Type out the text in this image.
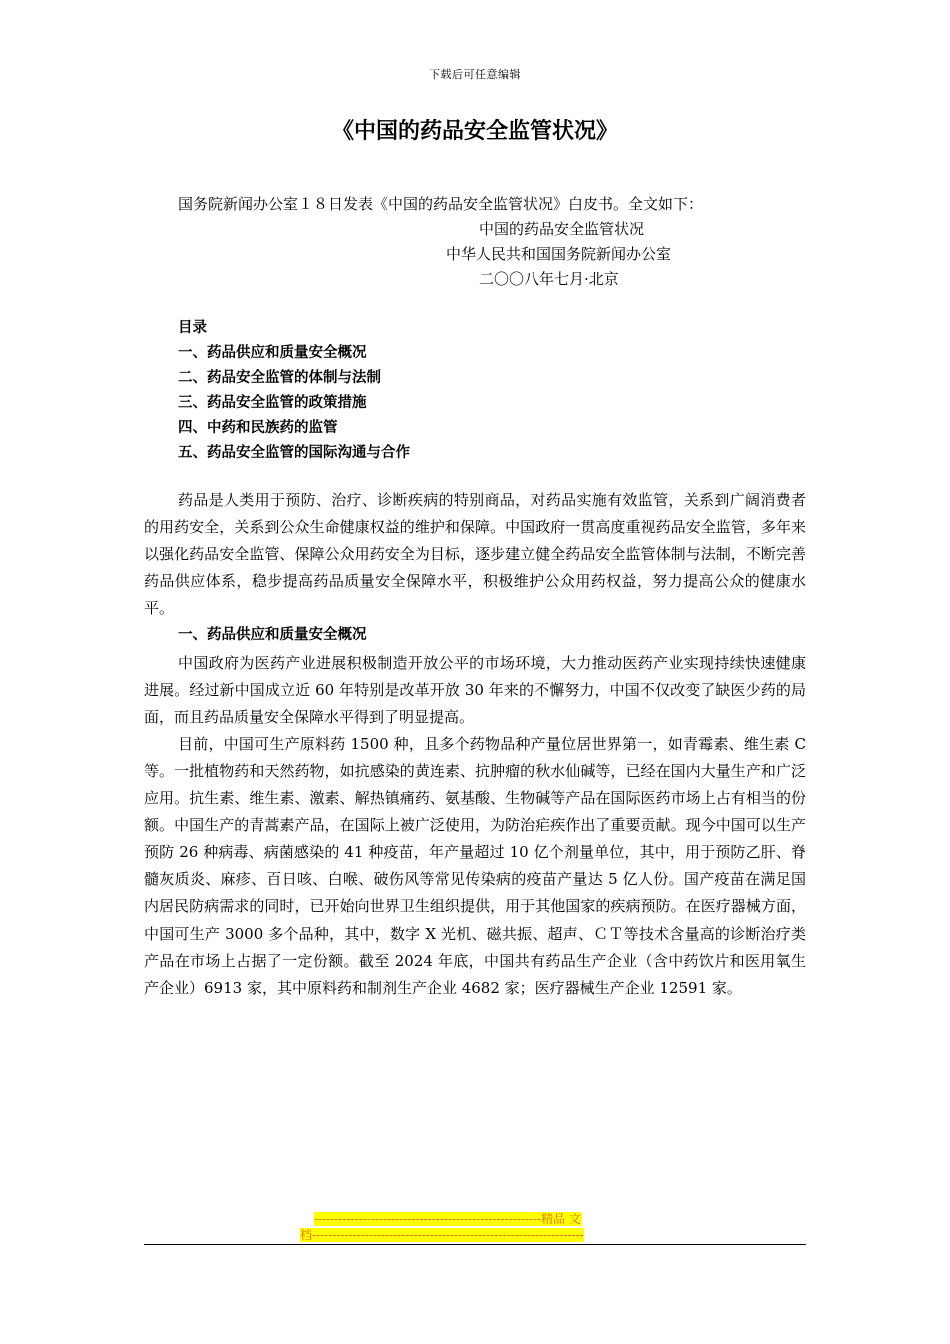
下载后可任意编辑
《中国的药品安全监管状况》
国务院新闻办公室１８日发表《中国的药品安全监管状况》白皮书。全文如下：
中国的药品安全监管状况
中华人民共和国国务院新闻办公室
二〇〇八年七月·北京
目录
一、药品供应和质量安全概况
二、药品安全监管的体制与法制
三、药品安全监管的政策措施
四、中药和民族药的监管
五、药品安全监管的国际沟通与合作

药品是人类用于预防、治疗、诊断疾病的特别商品，对药品实施有效监管，关系到广阔消费者的用药安全，关系到公众生命健康权益的维护和保障。中国政府一贯高度重视药品安全监管，多年来以强化药品安全监管、保障公众用药安全为目标，逐步建立健全药品安全监管体制与法制，不断完善药品供应体系，稳步提高药品质量安全保障水平，积极维护公众用药权益，努力提高公众的健康水平。

一、药品供应和质量安全概况

中国政府为医药产业进展积极制造开放公平的市场环境，大力推动医药产业实现持续快速健康进展。经过新中国成立近 60 年特别是改革开放 30 年来的不懈努力，中国不仅改变了缺医少药的局面，而且药品质量安全保障水平得到了明显提高。

目前，中国可生产原料药 1500 种，且多个药物品种产量位居世界第一，如青霉素、维生素 C 等。一批植物药和天然药物，如抗感染的黄连素、抗肿瘤的秋水仙碱等，已经在国内大量生产和广泛应用。抗生素、维生素、激素、解热镇痛药、氨基酸、生物碱等产品在国际医药市场上占有相当的份额。中国生产的青蒿素产品，在国际上被广泛使用，为防治疟疾作出了重要贡献。现今中国可以生产预防 26 种病毒、病菌感染的 41 种疫苗，年产量超过 10 亿个剂量单位，其中，用于预防乙肝、脊髓灰质炎、麻疹、百日咳、白喉、破伤风等常见传染病的疫苗产量达 5 亿人份。国产疫苗在满足国内居民防病需求的同时，已开始向世界卫生组织提供，用于其他国家的疾病预防。在医疗器械方面，中国可生产 3000 多个品种，其中，数字 X 光机、磁共振、超声、ＣＴ等技术含量高的诊断治疗类产品在市场上占据了一定份额。截至 2024 年底，中国共有药品生产企业（含中药饮片和医用氧生产企业）6913 家，其中原料药和制剂生产企业 4682 家；医疗器械生产企业 12591 家。

--------------------------------------------------------精品 文
档-------------------------------------------------------------------
